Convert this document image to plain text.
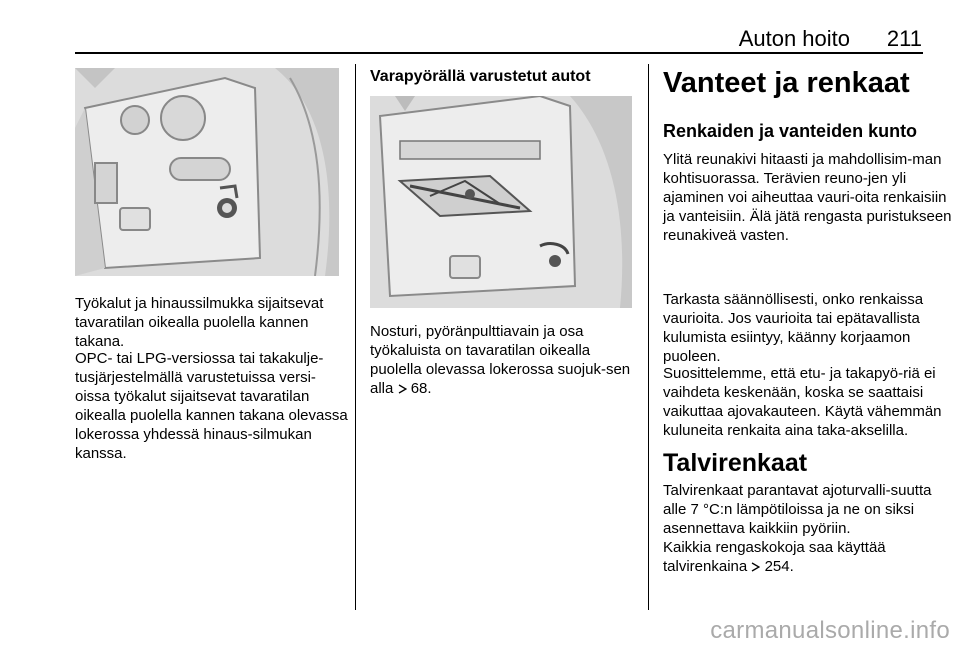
Auton hoito	211

Työkalut ja hinaussilmukka sijaitsevat tavaratilan oikealla puolella kannen takana.

OPC- tai LPG-versiossa tai takakulje-tusjärjestelmällä varustetuissa versi-oissa työkalut sijaitsevat tavaratilan oikealla puolella kannen takana olevassa lokerossa yhdessä hinaus-silmukan kanssa.

Varapyörällä varustetut autot

Nosturi, pyöränpulttiavain ja osa työkaluista on tavaratilan oikealla puolella olevassa lokerossa suojuk-sen alla 68.

Vanteet ja renkaat

Renkaiden ja vanteiden kunto

Ylitä reunakivi hitaasti ja mahdollisim-man kohtisuorassa. Terävien reuno-jen yli ajaminen voi aiheuttaa vauri-oita renkaisiin ja vanteisiin. Älä jätä rengasta puristukseen reunakiveä vasten.

Tarkasta säännöllisesti, onko renkaissa vaurioita. Jos vaurioita tai epätavallista kulumista esiintyy, käänny korjaamon puoleen.

Suosittelemme, että etu- ja takapyö-riä ei vaihdeta keskenään, koska se saattaisi vaikuttaa ajovakauteen. Käytä vähemmän kuluneita renkaita aina taka-akselilla.

Talvirenkaat

Talvirenkaat parantavat ajoturvalli-suutta alle 7 °C:n lämpötiloissa ja ne on siksi asennettava kaikkiin pyöriin.

Kaikkia rengaskokoja saa käyttää talvirenkaina 254.

carmanualsonline.info
